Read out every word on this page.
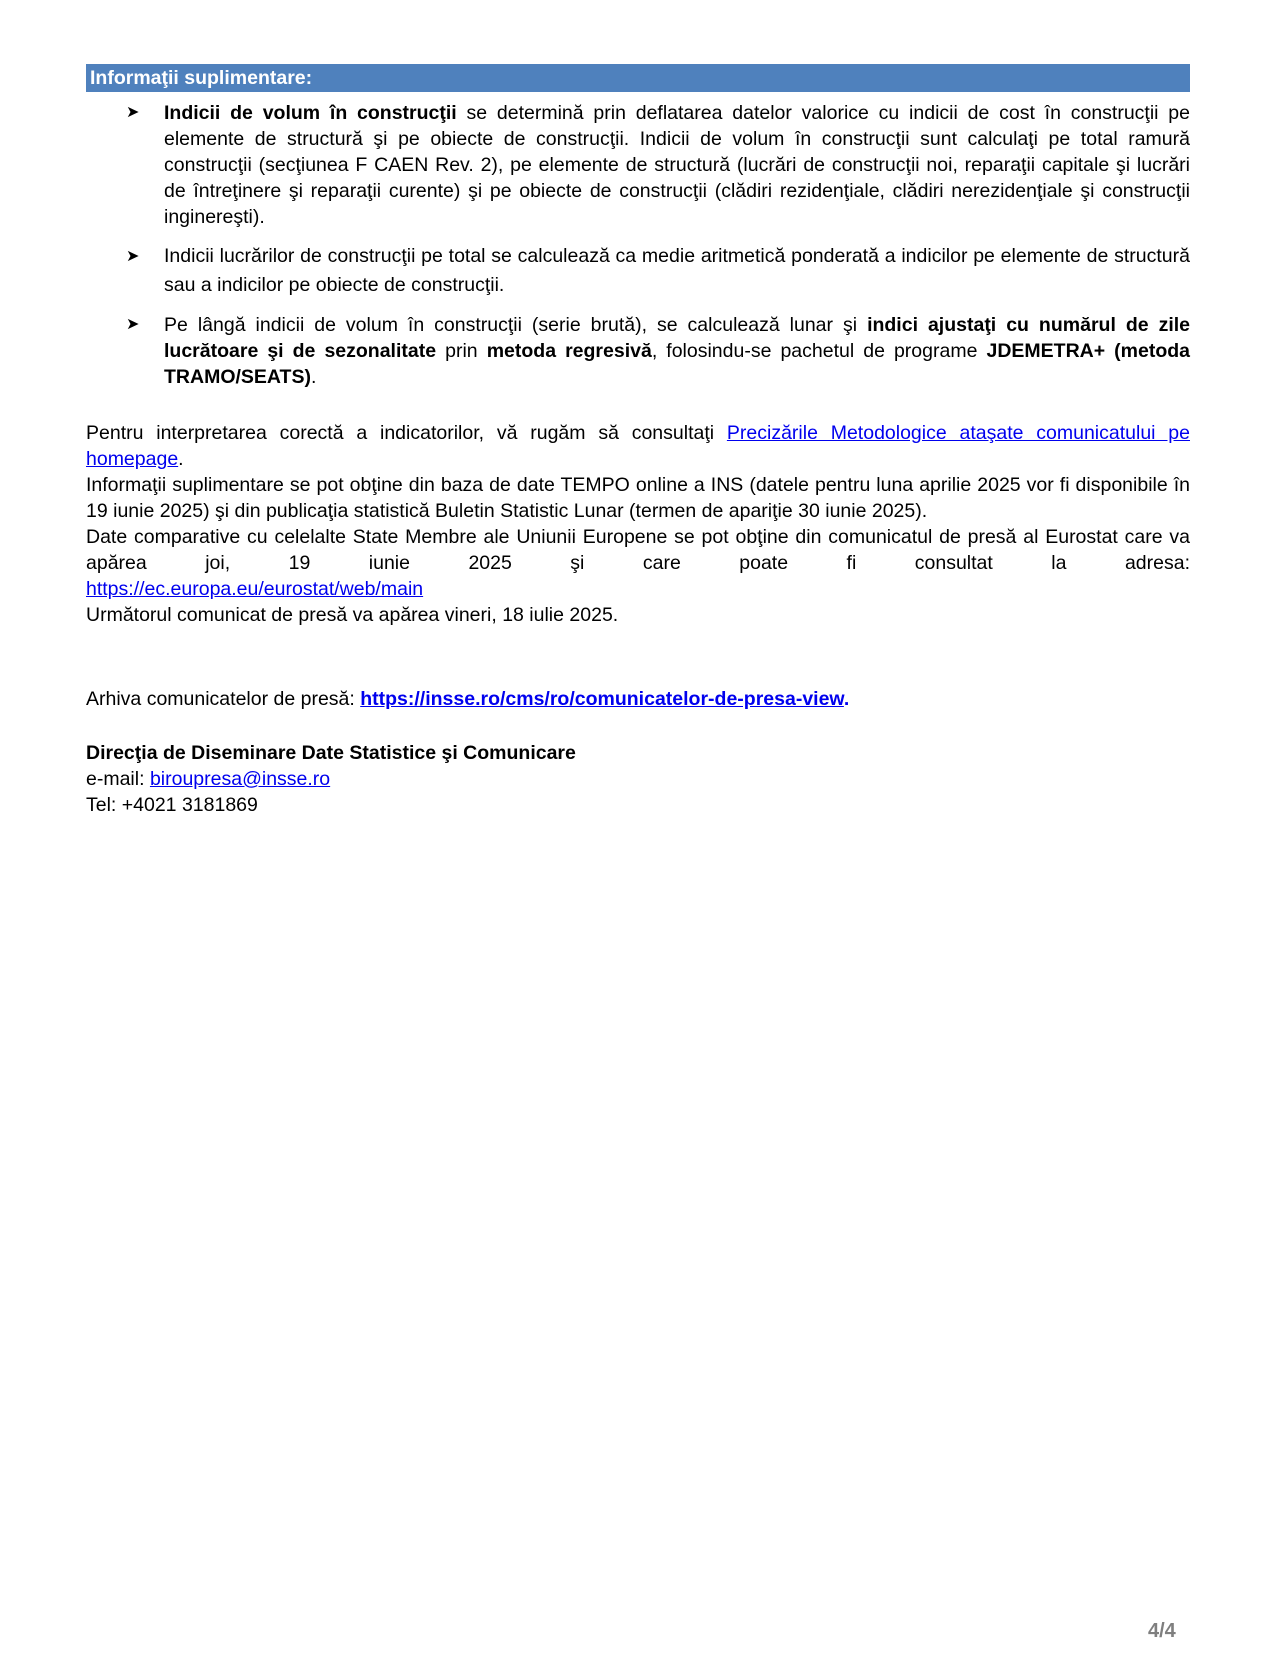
Informaţii suplimentare:
➤ Indicii de volum în construcţii se determină prin deflatarea datelor valorice cu indicii de cost în construcţii pe elemente de structură şi pe obiecte de construcţii. Indicii de volum în construcţii sunt calculaţi pe total ramură construcţii (secţiunea F CAEN Rev. 2), pe elemente de structură (lucrări de construcţii noi, reparaţii capitale şi lucrări de întreţinere şi reparaţii curente) şi pe obiecte de construcţii (clădiri rezidenţiale, clădiri nerezidenţiale şi construcţii inginereşti).
➤ Indicii lucrărilor de construcţii pe total se calculează ca medie aritmetică ponderată a indicilor pe elemente de structură sau a indicilor pe obiecte de construcţii.
➤ Pe lângă indicii de volum în construcţii (serie brută), se calculează lunar şi indici ajustaţi cu numărul de zile lucrătoare şi de sezonalitate prin metoda regresivă, folosindu-se pachetul de programe JDEMETRA+ (metoda TRAMO/SEATS).

Pentru interpretarea corectă a indicatorilor, vă rugăm să consultaţi Precizările Metodologice ataşate comunicatului pe homepage.

Informaţii suplimentare se pot obţine din baza de date TEMPO online a INS (datele pentru luna aprilie 2025 vor fi disponibile în 19 iunie 2025) şi din publicaţia statistică Buletin Statistic Lunar (termen de apariţie 30 iunie 2025).

Date comparative cu celelalte State Membre ale Uniunii Europene se pot obţine din comunicatul de presă al Eurostat care va apărea joi, 19 iunie 2025 şi care poate fi consultat la adresa:

https://ec.europa.eu/eurostat/web/main

Următorul comunicat de presă va apărea vineri, 18 iulie 2025.

Arhiva comunicatelor de presă: https://insse.ro/cms/ro/comunicatelor-de-presa-view.

Direcţia de Diseminare Date Statistice şi Comunicare

e-mail: biroupresa@insse.ro

Tel: +4021 3181869

4/4
